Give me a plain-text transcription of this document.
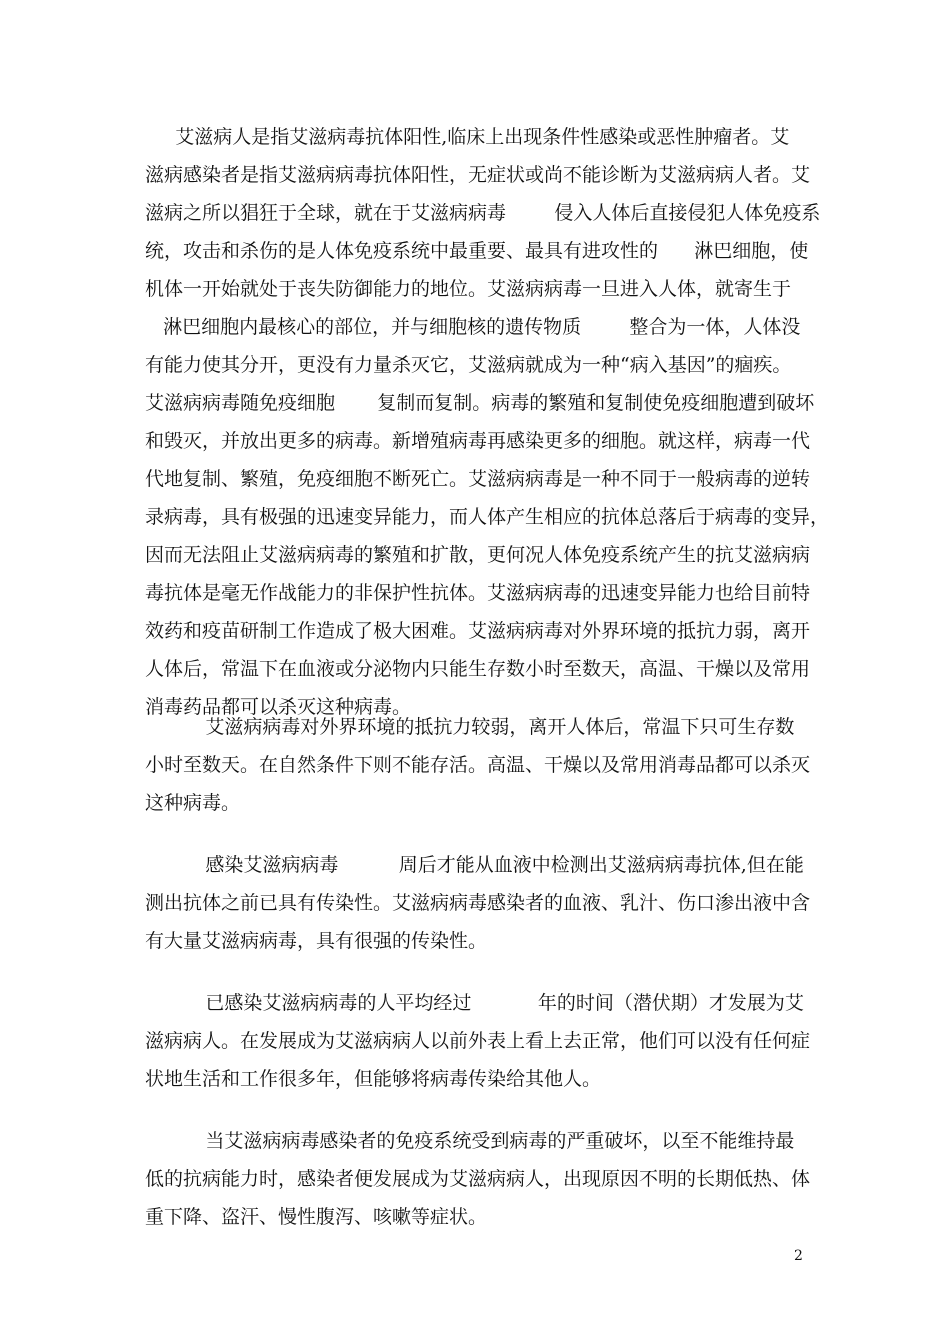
艾滋病人是指艾滋病毒抗体阳性,临床上出现条件性感染或恶性肿瘤者。艾
滋病感染者是指艾滋病病毒抗体阳性，无症状或尚不能诊断为艾滋病病人者。艾
滋病之所以猖狂于全球，就在于艾滋病病毒        侵入人体后直接侵犯人体免疫系
统，攻击和杀伤的是人体免疫系统中最重要、最具有进攻性的      淋巴细胞，使
机体一开始就处于丧失防御能力的地位。艾滋病病毒一旦进入人体，就寄生于
淋巴细胞内最核心的部位，并与细胞核的遗传物质        整合为一体，人体没
有能力使其分开，更没有力量杀灭它，艾滋病就成为一种“病入基因”的痼疾。
艾滋病病毒随免疫细胞       复制而复制。病毒的繁殖和复制使免疫细胞遭到破坏
和毁灭，并放出更多的病毒。新增殖病毒再感染更多的细胞。就这样，病毒一代
代地复制、繁殖，免疫细胞不断死亡。艾滋病病毒是一种不同于一般病毒的逆转
录病毒，具有极强的迅速变异能力，而人体产生相应的抗体总落后于病毒的变异，
因而无法阻止艾滋病病毒的繁殖和扩散，更何况人体免疫系统产生的抗艾滋病病
毒抗体是毫无作战能力的非保护性抗体。艾滋病病毒的迅速变异能力也给目前特
效药和疫苗研制工作造成了极大困难。艾滋病病毒对外界环境的抵抗力弱，离开
人体后，常温下在血液或分泌物内只能生存数小时至数天，高温、干燥以及常用
消毒药品都可以杀灭这种病毒。
艾滋病病毒对外界环境的抵抗力较弱，离开人体后，常温下只可生存数
小时至数天。在自然条件下则不能存活。高温、干燥以及常用消毒品都可以杀灭
这种病毒。
感染艾滋病病毒          周后才能从血液中检测出艾滋病病毒抗体,但在能
测出抗体之前已具有传染性。艾滋病病毒感染者的血液、乳汁、伤口渗出液中含
有大量艾滋病病毒，具有很强的传染性。
已感染艾滋病病毒的人平均经过           年的时间（潜伏期）才发展为艾
滋病病人。在发展成为艾滋病病人以前外表上看上去正常，他们可以没有任何症
状地生活和工作很多年，但能够将病毒传染给其他人。
当艾滋病病毒感染者的免疫系统受到病毒的严重破坏，以至不能维持最
低的抗病能力时，感染者便发展成为艾滋病病人，出现原因不明的长期低热、体
重下降、盗汗、慢性腹泻、咳嗽等症状。
2
